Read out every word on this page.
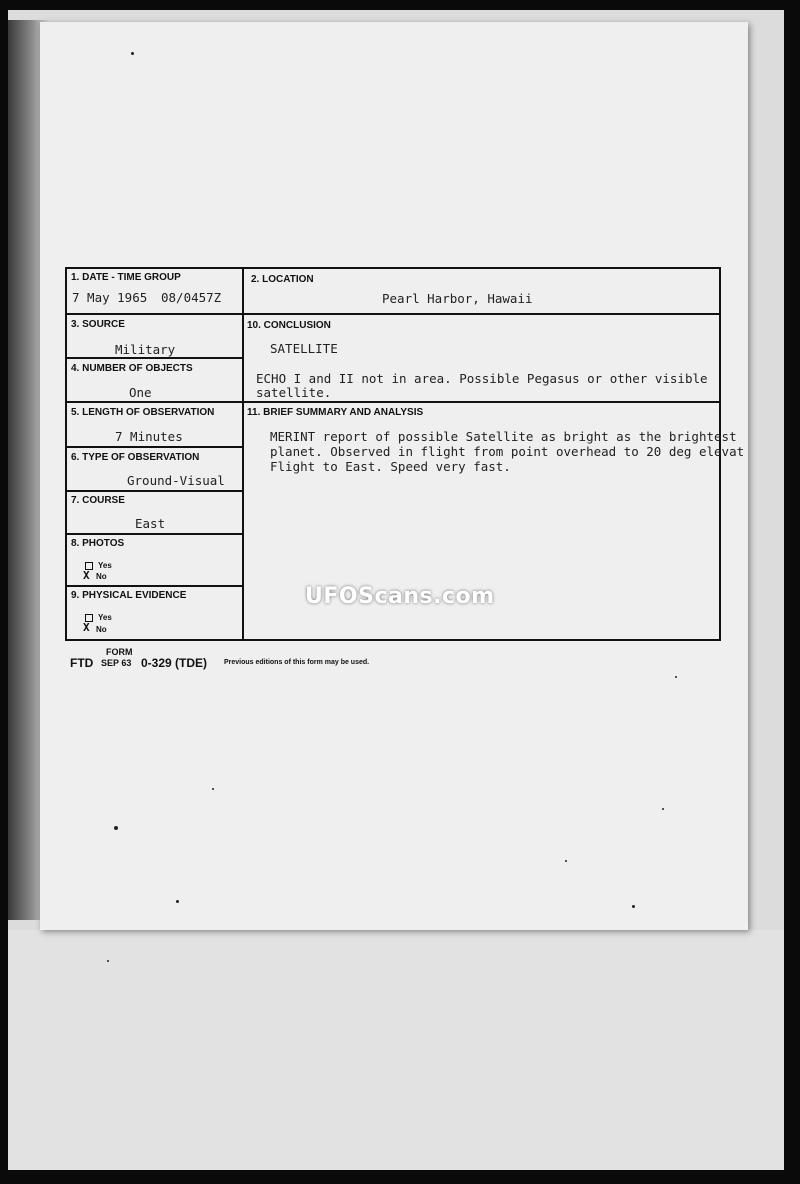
1. DATE - TIME GROUP
7 May 1965 08/0457Z
2. LOCATION
Pearl Harbor, Hawaii
3. SOURCE
Military
4. NUMBER OF OBJECTS
One
5. LENGTH OF OBSERVATION
7 Minutes
6. TYPE OF OBSERVATION
Ground-Visual
7. COURSE
East
8. PHOTOS
Yes
X No
9. PHYSICAL EVIDENCE
Yes
X No
10. CONCLUSION
SATELLITE
ECHO I and II not in area. Possible Pegasus or other visible
satellite.
11. BRIEF SUMMARY AND ANALYSIS
MERINT report of possible Satellite as bright as the brightest
planet. Observed in flight from point overhead to 20 deg elevat
Flight to East. Speed very fast.
FORM
FTD SEP 63 0-329 (TDE) Previous editions of this form may be used.
UFOScans.com
